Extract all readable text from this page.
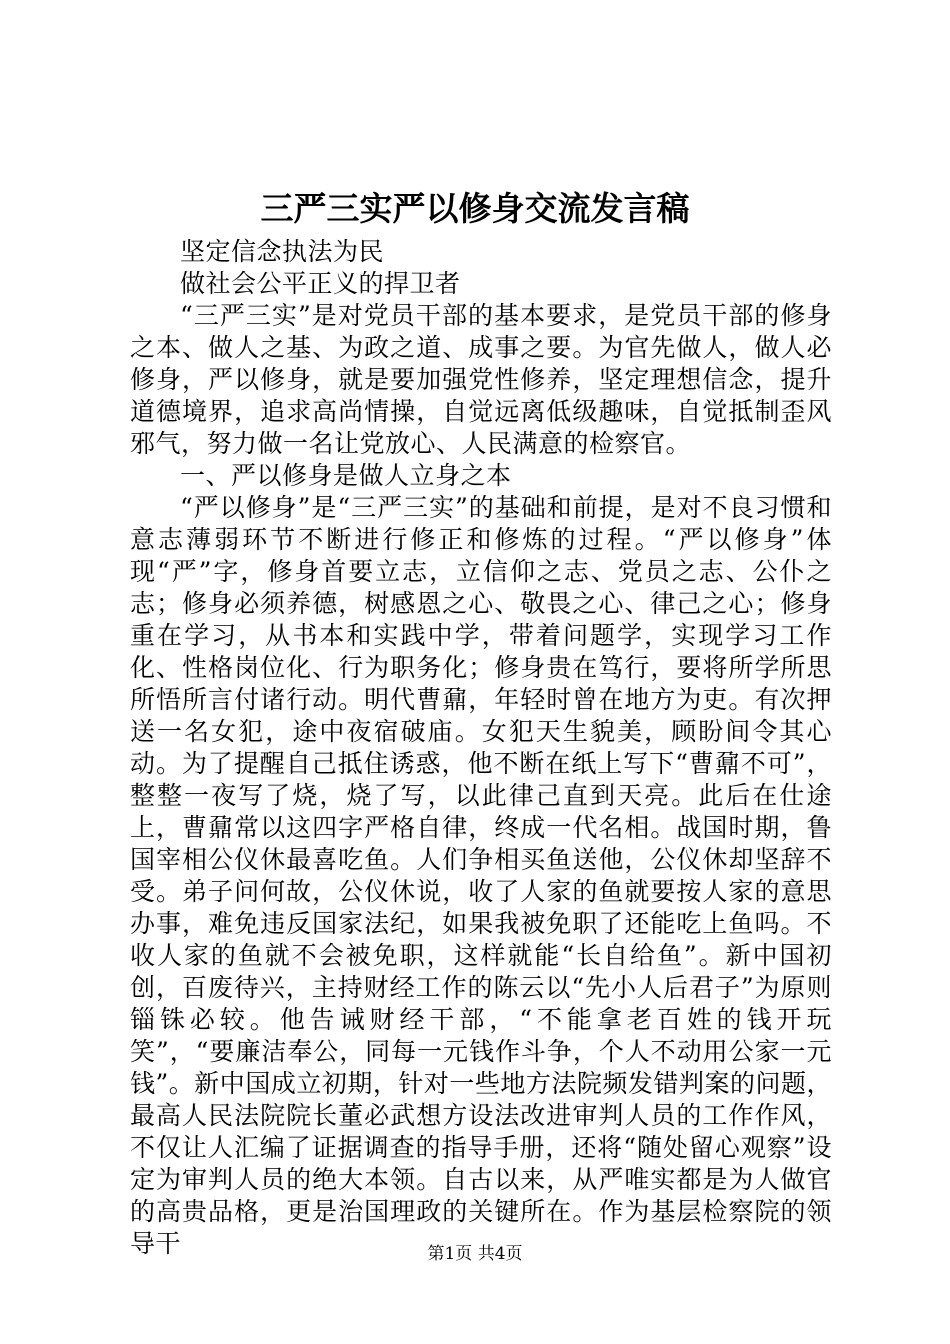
三严三实严以修身交流发言稿

坚定信念执法为民

做社会公平正义的捍卫者

“三严三实”是对党员干部的基本要求，是党员干部的修身之本、做人之基、为政之道、成事之要。为官先做人，做人必修身，严以修身，就是要加强党性修养，坚定理想信念，提升道德境界，追求高尚情操，自觉远离低级趣味，自觉抵制歪风邪气，努力做一名让党放心、人民满意的检察官。

一、严以修身是做人立身之本

“严以修身”是“三严三实”的基础和前提，是对不良习惯和意志薄弱环节不断进行修正和修炼的过程。“严以修身”体现“严”字，修身首要立志，立信仰之志、党员之志、公仆之志；修身必须养德，树感恩之心、敬畏之心、律己之心；修身重在学习，从书本和实践中学，带着问题学，实现学习工作化、性格岗位化、行为职务化；修身贵在笃行，要将所学所思所悟所言付诸行动。明代曹鼐，年轻时曾在地方为吏。有次押送一名女犯，途中夜宿破庙。女犯天生貌美，顾盼间令其心动。为了提醒自己抵住诱惑，他不断在纸上写下“曹鼐不可”，整整一夜写了烧，烧了写，以此律己直到天亮。此后在仕途上，曹鼐常以这四字严格自律，终成一代名相。战国时期，鲁国宰相公仪休最喜吃鱼。人们争相买鱼送他，公仪休却坚辞不受。弟子问何故，公仪休说，收了人家的鱼就要按人家的意思办事，难免违反国家法纪，如果我被免职了还能吃上鱼吗。不收人家的鱼就不会被免职，这样就能“长自给鱼”。新中国初创，百废待兴，主持财经工作的陈云以“先小人后君子”为原则锱铢必较。他告诫财经干部，“不能拿老百姓的钱开玩笑”，“要廉洁奉公，同每一元钱作斗争，个人不动用公家一元钱”。新中国成立初期，针对一些地方法院频发错判案的问题，最高人民法院院长董必武想方设法改进审判人员的工作作风，不仅让人汇编了证据调查的指导手册，还将“随处留心观察”设定为审判人员的绝大本领。自古以来，从严唯实都是为人做官的高贵品格，更是治国理政的关键所在。作为基层检察院的领导干	第1页 共4页
